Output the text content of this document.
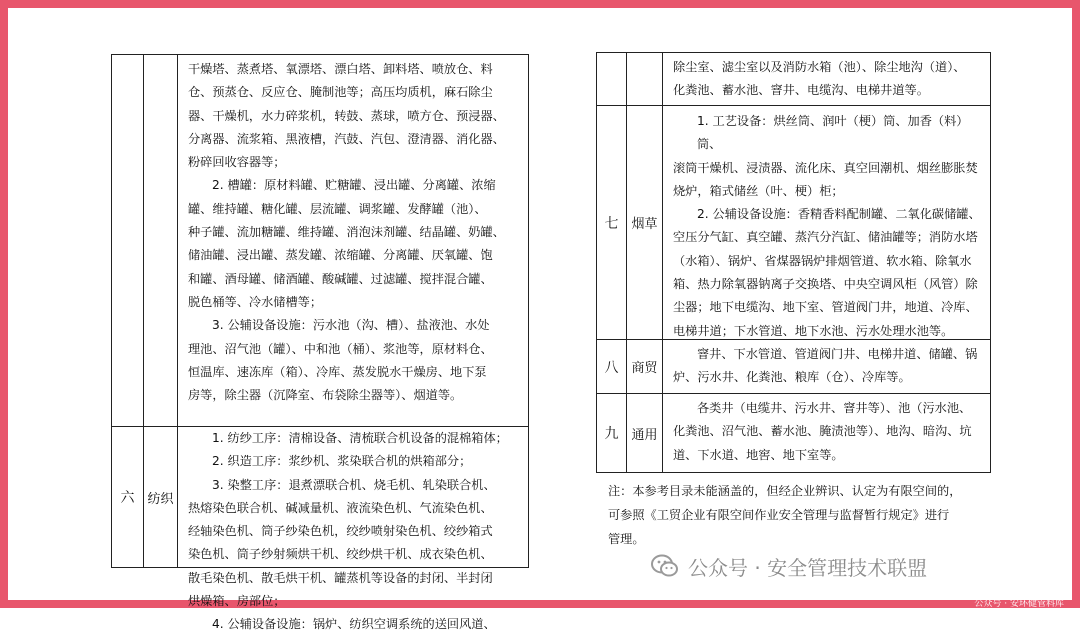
干燥塔、蒸煮塔、氧漂塔、漂白塔、卸料塔、喷放仓、料

仓、预蒸仓、反应仓、腌制池等；高压均质机，麻石除尘

器、干燥机，水力碎浆机，转鼓、蒸球，喷方仓、预浸器、

分离器、流浆箱、黑液槽，汽鼓、汽包、澄清器、消化器、

粉碎回收容器等；

2. 槽罐：原材料罐、贮糖罐、浸出罐、分离罐、浓缩

罐、维持罐、糖化罐、层流罐、调浆罐、发酵罐（池）、

种子罐、流加糖罐、维持罐、消泡沫剂罐、结晶罐、奶罐、

储油罐、浸出罐、蒸发罐、浓缩罐、分离罐、厌氧罐、饱

和罐、酒母罐、储酒罐、酸碱罐、过滤罐、搅拌混合罐、

脱色桶等、冷水储槽等；

3. 公辅设备设施：污水池（沟、槽）、盐液池、水处

理池、沼气池（罐）、中和池（桶）、浆池等，原材料仓、

恒温库、速冻库（箱）、冷库、蒸发脱水干燥房、地下泵

房等，除尘器（沉降室、布袋除尘器等）、烟道等。

六 纺织

1. 纺纱工序：清棉设备、清梳联合机设备的混棉箱体；

2. 织造工序：浆纱机、浆染联合机的烘箱部分；

3. 染整工序：退煮漂联合机、烧毛机、轧染联合机、

热熔染色联合机、碱减量机、液流染色机、气流染色机、

经轴染色机、筒子纱染色机，绞纱喷射染色机、绞纱箱式

染色机、筒子纱射频烘干机、绞纱烘干机、成衣染色机、

散毛染色机、散毛烘干机、罐蒸机等设备的封闭、半封闭

烘燥箱、房部位；

4. 公辅设备设施：锅炉、纺织空调系统的送回风道、

除尘室、滤尘室以及消防水箱（池）、除尘地沟（道）、

化粪池、蓄水池、窨井、电缆沟、电梯井道等。

七 烟草

1. 工艺设备：烘丝筒、润叶（梗）筒、加香（料）筒、

滚筒干燥机、浸渍器、流化床、真空回潮机、烟丝膨胀焚

烧炉，箱式储丝（叶、梗）柜；

2. 公辅设备设施：香精香料配制罐、二氧化碳储罐、

空压分气缸、真空罐、蒸汽分汽缸、储油罐等；消防水塔

（水箱）、锅炉、省煤器锅炉排烟管道、软水箱、除氧水

箱、热力除氧器钠离子交换塔、中央空调风柜（风管）除

尘器；地下电缆沟、地下室、管道阀门井，地道、冷库、

电梯井道；下水管道、地下水池、污水处理水池等。

八 商贸

窨井、下水管道、管道阀门井、电梯井道、储罐、锅

炉、污水井、化粪池、粮库（仓）、冷库等。

九 通用

各类井（电缆井、污水井、窨井等）、池（污水池、

化粪池、沼气池、蓄水池、腌渍池等）、地沟、暗沟、坑

道、下水道、地窖、地下室等。

注：本参考目录未能涵盖的，但经企业辨识、认定为有限空间的，

可参照《工贸企业有限空间作业安全管理与监督暂行规定》进行

管理。

公众号 · 安全管理技术联盟
公众号 · 安环健管料库
